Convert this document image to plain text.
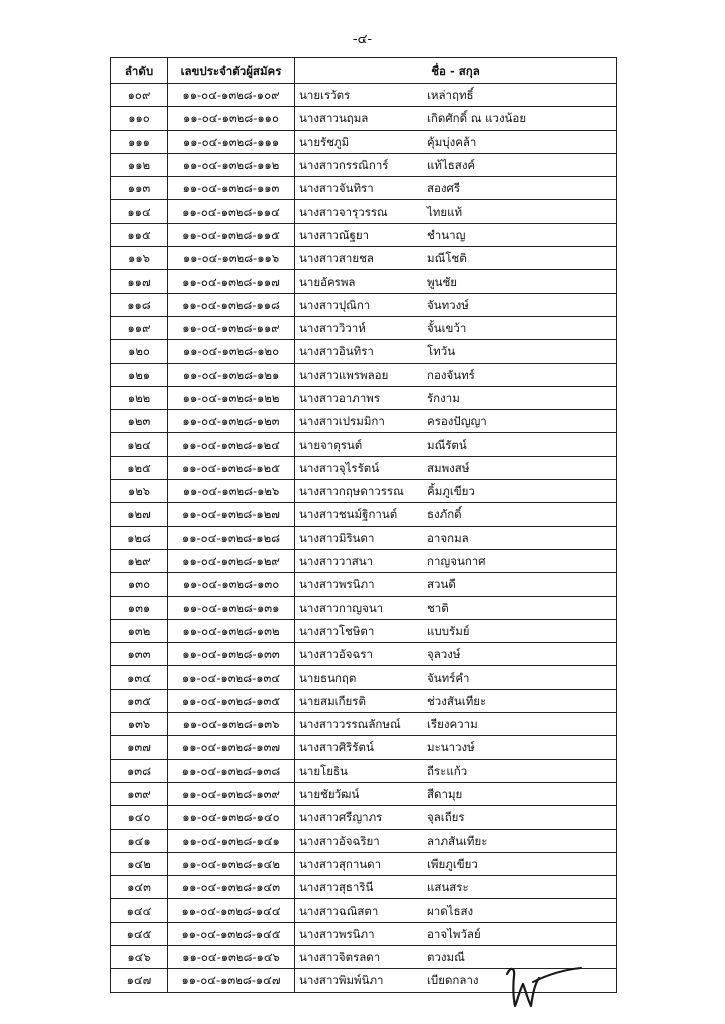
-๔-
ลำดับ	เลขประจำตัวผู้สมัคร	ชื่อ - สกุล
๑๐๙	๑๑-๐๔-๑๓๒๘-๑๐๙	นายเรวัตร เหล่าฤทธิ์

๑๑๐	๑๑-๐๔-๑๓๒๘-๑๑๐	นางสาวนฤมล เกิดศักดิ์ ณ แวงน้อย

๑๑๑	๑๑-๐๔-๑๓๒๘-๑๑๑	นายรัชภูมิ คุ้มบุ่งคล้า

๑๑๒	๑๑-๐๔-๑๓๒๘-๑๑๒	นางสาวกรรณิการ์ แท้ไธสงค์

๑๑๓	๑๑-๐๔-๑๓๒๘-๑๑๓	นางสาวจันทิรา สองศรี

๑๑๔	๑๑-๐๔-๑๓๒๘-๑๑๔	นางสาวจารุวรรณ ไทยแท้

๑๑๕	๑๑-๐๔-๑๓๒๘-๑๑๕	นางสาวณัฐยา ชำนาญ

๑๑๖	๑๑-๐๔-๑๓๒๘-๑๑๖	นางสาวสายชล มณีโชติ

๑๑๗	๑๑-๐๔-๑๓๒๘-๑๑๗	นายอัครพล พูนชัย

๑๑๘	๑๑-๐๔-๑๓๒๘-๑๑๘	นางสาวปุณิกา จันทวงษ์

๑๑๙	๑๑-๐๔-๑๓๒๘-๑๑๙	นางสาววิวาห์ จั้นเขว้า

๑๒๐	๑๑-๐๔-๑๓๒๘-๑๒๐	นางสาวอินทิรา โทวัน

๑๒๑	๑๑-๐๔-๑๓๒๘-๑๒๑	นางสาวแพรพลอย กองจันทร์

๑๒๒	๑๑-๐๔-๑๓๒๘-๑๒๒	นางสาวอาภาพร รักงาม

๑๒๓	๑๑-๐๔-๑๓๒๘-๑๒๓	นางสาวเปรมมิกา ครองปัญญา

๑๒๔	๑๑-๐๔-๑๓๒๘-๑๒๔	นายจาตุรนต์ มณีรัตน์

๑๒๕	๑๑-๐๔-๑๓๒๘-๑๒๕	นางสาวจุไรรัตน์ สมพงสษ์

๑๒๖	๑๑-๐๔-๑๓๒๘-๑๒๖	นางสาวกฤษดาวรรณ คิ้มภูเขียว

๑๒๗	๑๑-๐๔-๑๓๒๘-๑๒๗	นางสาวชนม์ฐิกานต์ ธงภักดิ์

๑๒๘	๑๑-๐๔-๑๓๒๘-๑๒๘	นางสาวมิรินดา อาจกมล

๑๒๙	๑๑-๐๔-๑๓๒๘-๑๒๙	นางสาววาสนา กาญจนกาศ

๑๓๐	๑๑-๐๔-๑๓๒๘-๑๓๐	นางสาวพรนิภา สวนดี

๑๓๑	๑๑-๐๔-๑๓๒๘-๑๓๑	นางสาวกาญจนา ชาติ

๑๓๒	๑๑-๐๔-๑๓๒๘-๑๓๒	นางสาวโชษิตา แบบรัมย์

๑๓๓	๑๑-๐๔-๑๓๒๘-๑๓๓	นางสาวอัจฉรา จุลวงษ์

๑๓๔	๑๑-๐๔-๑๓๒๘-๑๓๔	นายธนกฤต จันทร์คำ

๑๓๕	๑๑-๐๔-๑๓๒๘-๑๓๕	นายสมเกียรติ ช่วงสันเทียะ

๑๓๖	๑๑-๐๔-๑๓๒๘-๑๓๖	นางสาววรรณลักษณ์ เรียงความ

๑๓๗	๑๑-๐๔-๑๓๒๘-๑๓๗	นางสาวศิริรัตน์ มะนาวงษ์

๑๓๘	๑๑-๐๔-๑๓๒๘-๑๓๘	นายโยธิน ถีระแก้ว

๑๓๙	๑๑-๐๔-๑๓๒๘-๑๓๙	นายชัยวัฒน์ สีดามุย

๑๔๐	๑๑-๐๔-๑๓๒๘-๑๔๐	นางสาวศรีญาภร จุลเถียร

๑๔๑	๑๑-๐๔-๑๓๒๘-๑๔๑	นางสาวอัจฉริยา ลาภสันเทียะ

๑๔๒	๑๑-๐๔-๑๓๒๘-๑๔๒	นางสาวสุกานดา เพียภูเขียว

๑๔๓	๑๑-๐๔-๑๓๒๘-๑๔๓	นางสาวสุธารินี แสนสระ

๑๔๔	๑๑-๐๔-๑๓๒๘-๑๔๔	นางสาวฉณิสตา ผาดไธสง

๑๔๕	๑๑-๐๔-๑๓๒๘-๑๔๕	นางสาวพรนิภา อาจไพวัลย์

๑๔๖	๑๑-๐๔-๑๓๒๘-๑๔๖	นางสาวจิตรลดา ตวงมณี

๑๔๗	๑๑-๐๔-๑๓๒๘-๑๔๗	นางสาวพิมพ์นิภา เบียดกลาง
